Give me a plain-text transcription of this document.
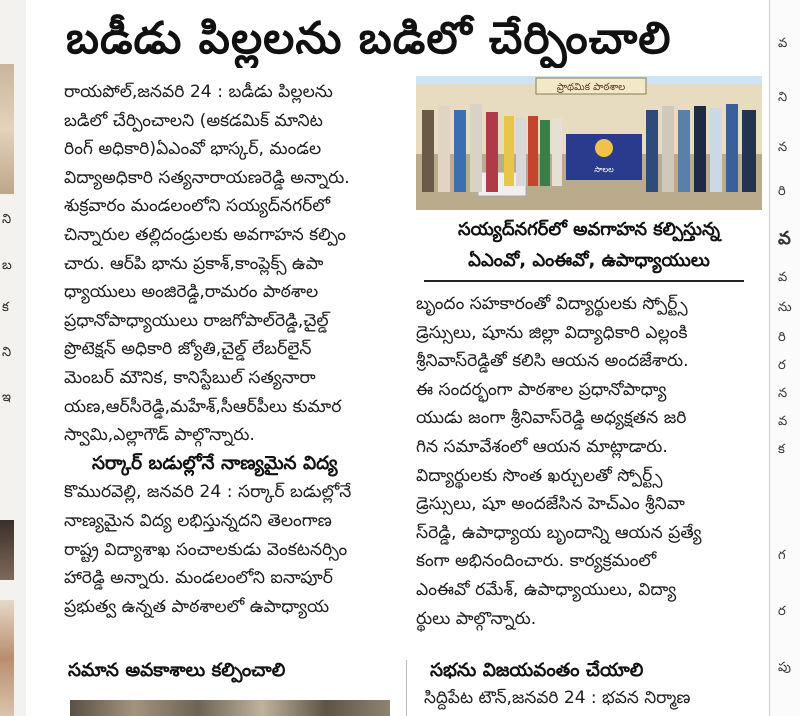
ని
బ
క
ని
ఇ
వ
ని
న
రి
వ
వ
ను
రి
ర
న
వ
క
గ
ర
పు
బడీడు పిల్లలను బడిలో చేర్పించాలి
ప్రాథమిక పాఠశాల
సాలల
సయ్యద్‌నగర్‌లో అవగాహన కల్పిస్తున్న
ఏఎంవో, ఎంఈవో, ఉపాధ్యాయులు
రాయపోల్,జనవరి 24 : బడీడు పిల్లలను
బడిలో చేర్పించాలని (అకడమిక్ మానిట
రింగ్ అధికారి)ఏఎంవో భాస్కర్, మండల
విద్యాఅధికారి సత్యనారాయణరెడ్డి అన్నారు.
శుక్రవారం మండలంలోని సయ్యద్‌నగర్‌లో
చిన్నారుల తల్లిదండ్రులకు అవగాహన కల్పిం
చారు. ఆర్‌పి భాను ప్రకాశ్,కాంప్లెక్స్ ఉపా
ధ్యాయులు అంజిరెడ్డి,రామరం పాఠశాల
ప్రధానోపాధ్యాయులు రాజగోపాల్‌రెడ్డి,చైల్డ్
ప్రొటెక్షన్ అధికారి జ్యోతి,చైల్డ్ లేబర్‌లైన్
మెంబర్ మౌనిక, కానిస్టేబుల్ సత్యనారా
యణ,ఆర్‌సీరెడ్డి,మహేశ్,సీఆర్‌పీలు కుమార
స్వామి,ఎల్లాగౌడ్ పాల్గొన్నారు.
సర్కార్ బడుల్లోనే నాణ్యమైన విద్య
కొమురవెల్లి, జనవరి 24 : సర్కార్ బడుల్లోనే
నాణ్యమైన విద్య లభిస్తున్నదని తెలంగాణ
రాష్ట్ర విద్యాశాఖ సంచాలకుడు వెంకటనర్సిం
హారెడ్డి అన్నారు. మండలంలోని ఐనాపూర్
ప్రభుత్వ ఉన్నత పాఠశాలలో ఉపాధ్యాయ
బృందం సహకారంతో విద్యార్థులకు స్పోర్ట్స్
డ్రెస్సులు, షూను జిల్లా విద్యాధికారి ఎల్లంకి
శ్రీనివాస్‌రెడ్డితో కలిసి ఆయన అందజేశారు.
ఈ సందర్భంగా పాఠశాల ప్రధానోపాధ్యా
యుడు జంగా శ్రీనివాస్‌రెడ్డి అధ్యక్షతన జరి
గిన సమావేశంలో ఆయన మాట్లాడారు.
విద్యార్థులకు సొంత ఖర్చులతో స్పోర్ట్స్
డ్రెస్సులు, షూ అందజేసిన హెచ్‌ఎం శ్రీనివా
స్‌రెడ్డి, ఉపాధ్యాయ బృందాన్ని ఆయన ప్రత్యే
కంగా అభినందించారు. కార్యక్రమంలో
ఎంఈవో రమేశ్, ఉపాధ్యాయులు, విద్యా
ర్థులు పాల్గొన్నారు.
సమాన అవకాశాలు కల్పించాలి	సభను విజయవంతం చేయాలి
సిద్దిపేట టౌన్,జనవరి 24 : భవన నిర్మాణ
